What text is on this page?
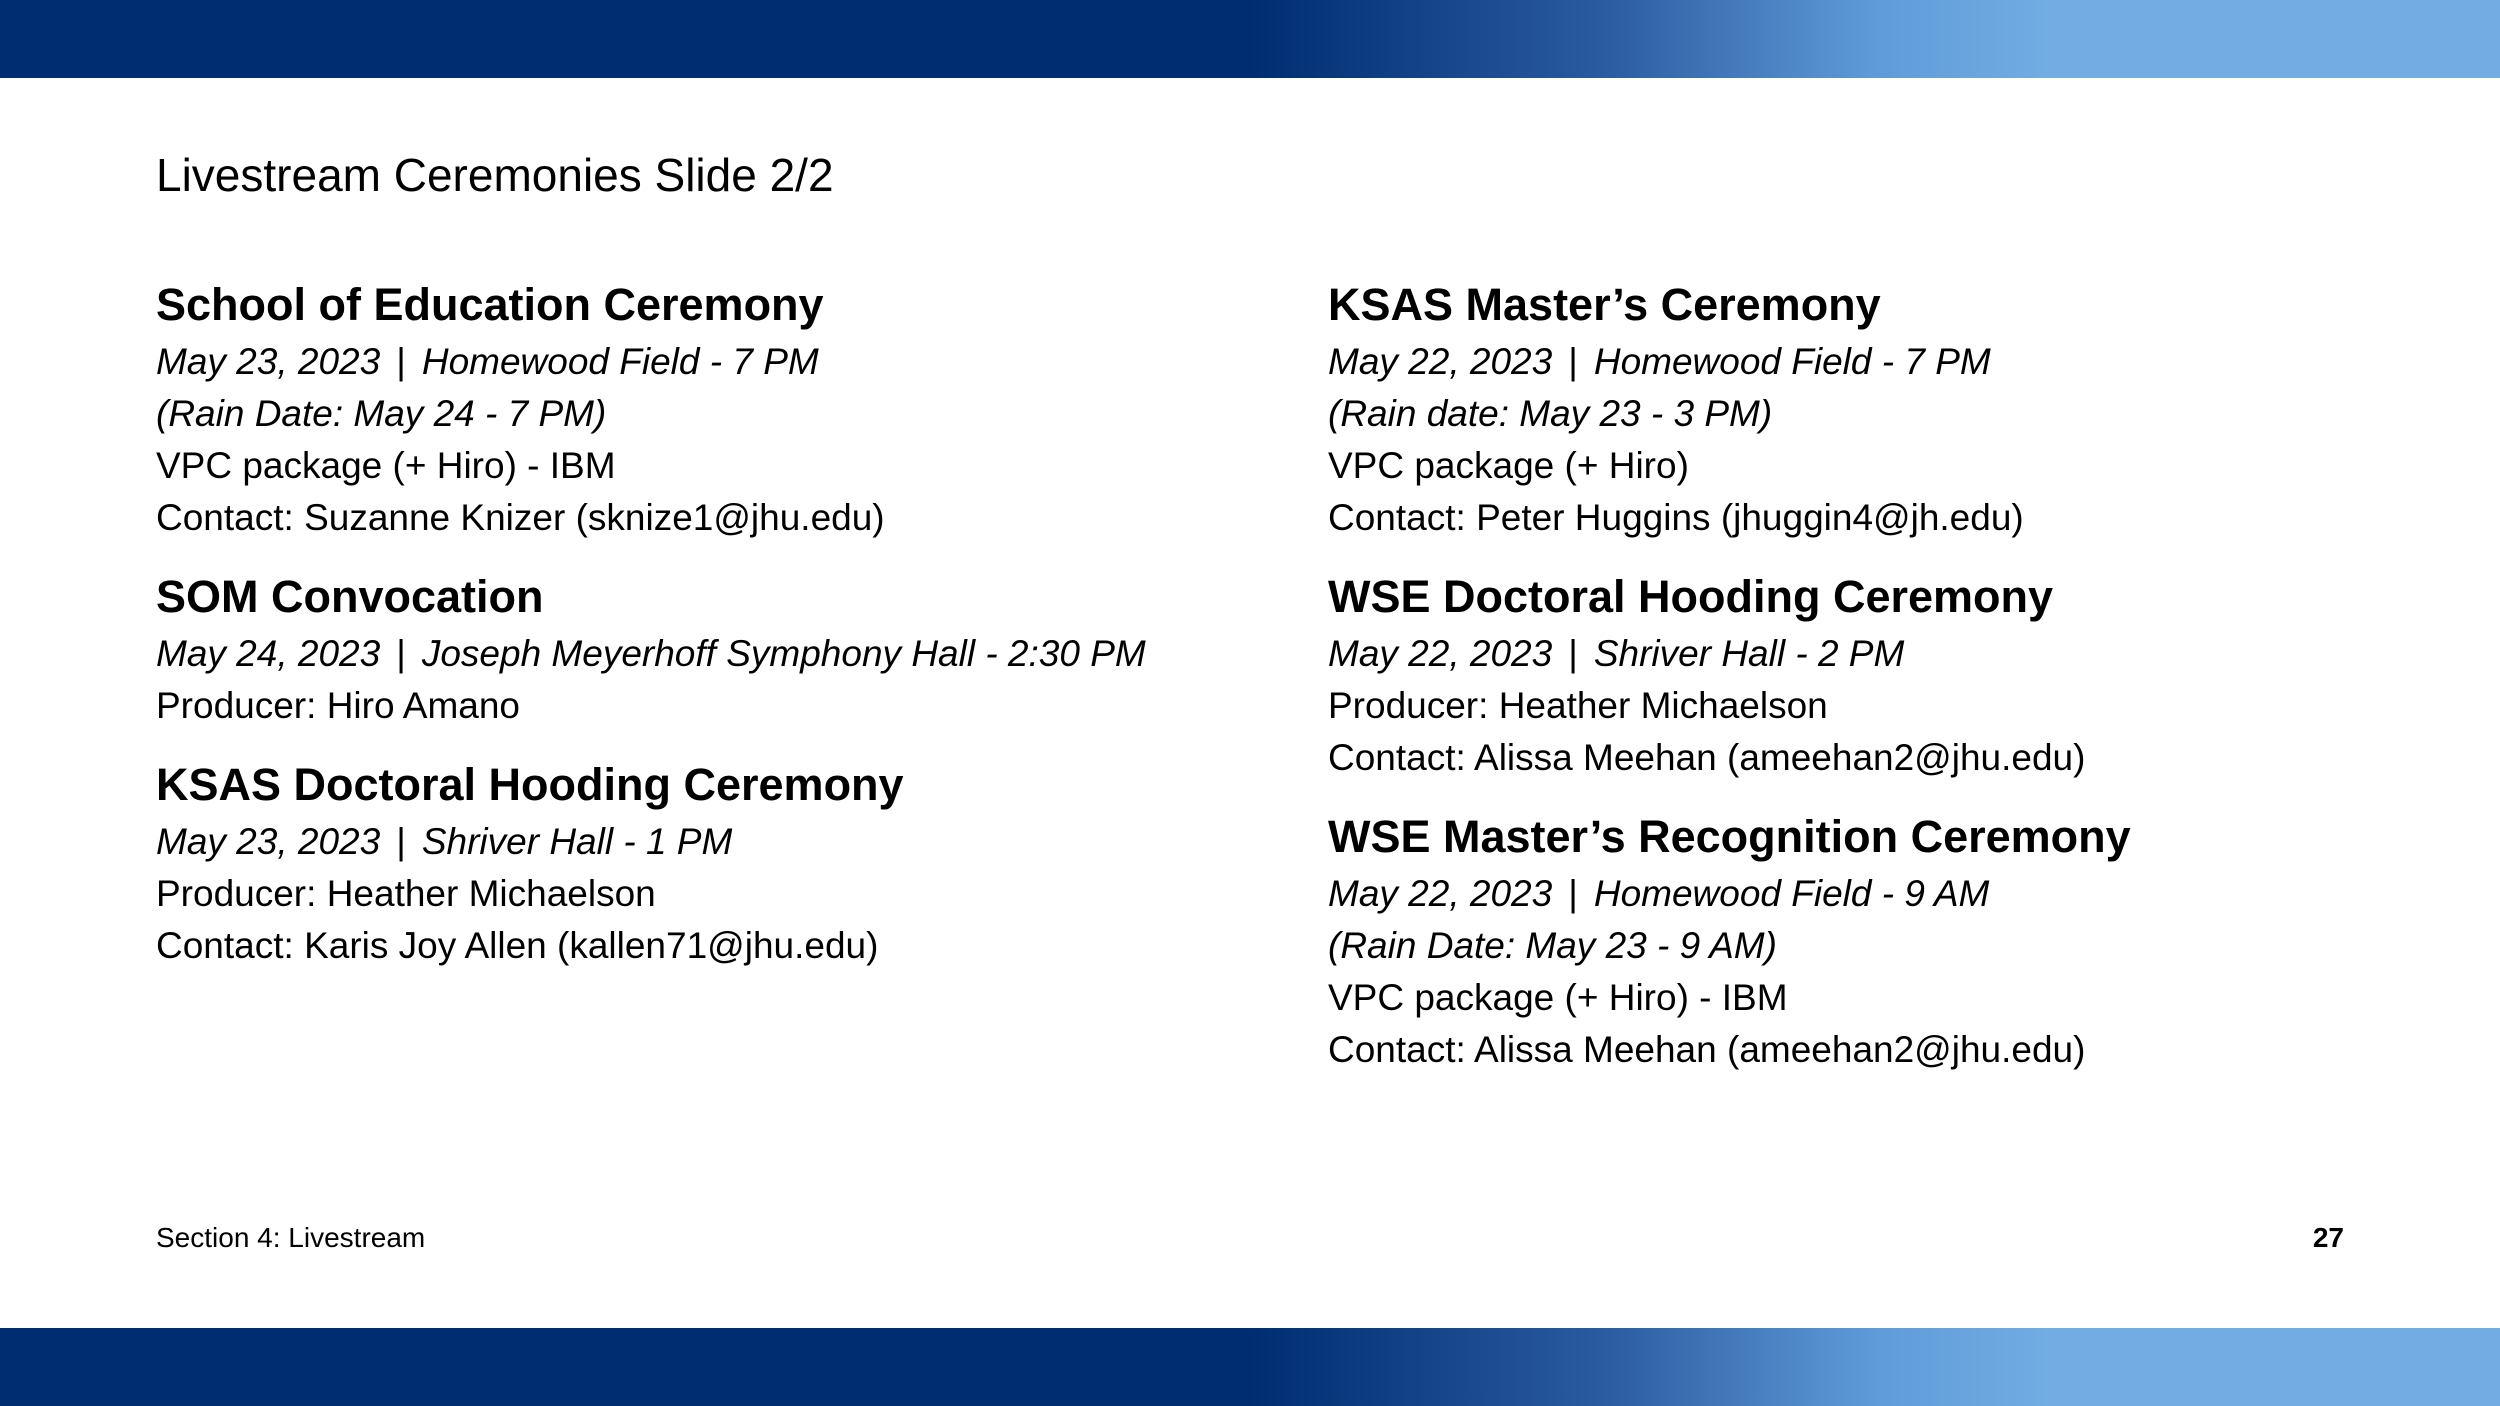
Livestream Ceremonies Slide 2/2
School of Education Ceremony
May 23, 2023 | Homewood Field - 7 PM
(Rain Date: May 24 - 7 PM)
VPC package (+ Hiro) - IBM
Contact: Suzanne Knizer (sknize1@jhu.edu)
SOM Convocation
May 24, 2023 | Joseph Meyerhoff Symphony Hall - 2:30 PM
Producer: Hiro Amano
KSAS Doctoral Hooding Ceremony
May 23, 2023 | Shriver Hall - 1 PM
Producer: Heather Michaelson
Contact: Karis Joy Allen (kallen71@jhu.edu)
KSAS Master’s Ceremony
May 22, 2023 | Homewood Field - 7 PM
(Rain date: May 23 - 3 PM)
VPC package (+ Hiro)
Contact: Peter Huggins (jhuggin4@jh.edu)
WSE Doctoral Hooding Ceremony
May 22, 2023 | Shriver Hall - 2 PM
Producer: Heather Michaelson
Contact: Alissa Meehan (ameehan2@jhu.edu)
WSE Master’s Recognition Ceremony
May 22, 2023 | Homewood Field - 9 AM
(Rain Date: May 23 - 9 AM)
VPC package (+ Hiro) - IBM
Contact: Alissa Meehan (ameehan2@jhu.edu)
Section 4: Livestream	27
